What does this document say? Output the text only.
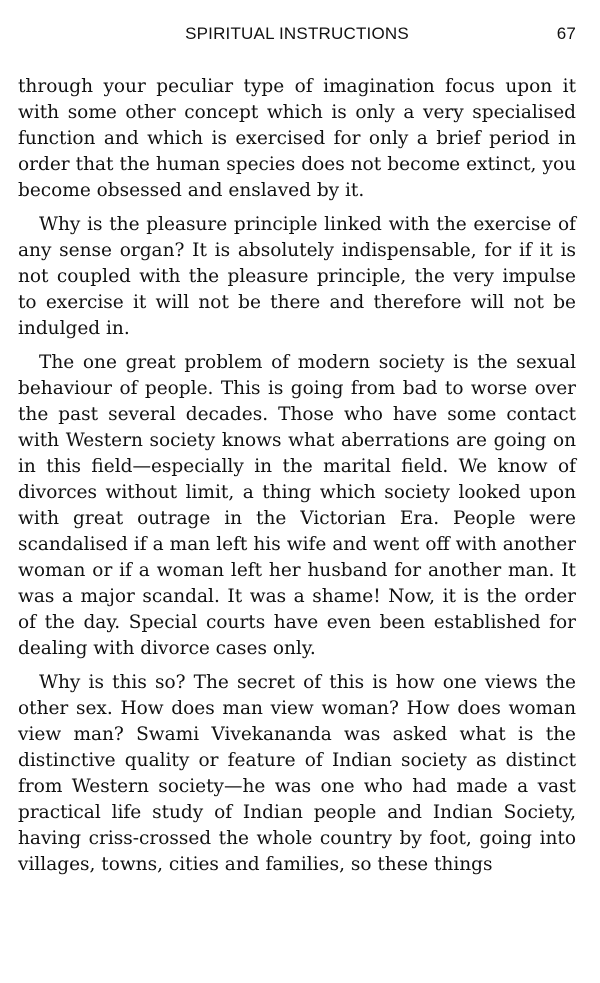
SPIRITUAL INSTRUCTIONS	67

through your peculiar type of imagination focus upon it with some other concept which is only a very specialised function and which is exercised for only a brief period in order that the human species does not become extinct, you become obsessed and enslaved by it.

Why is the pleasure principle linked with the exercise of any sense organ? It is absolutely indispensable, for if it is not coupled with the pleasure principle, the very impulse to exercise it will not be there and therefore will not be indulged in.

The one great problem of modern society is the sexual behaviour of people. This is going from bad to worse over the past several decades. Those who have some contact with Western society knows what aberrations are going on in this field—especially in the marital field. We know of divorces without limit, a thing which society looked upon with great outrage in the Victorian Era. People were scandalised if a man left his wife and went off with another woman or if a woman left her husband for another man. It was a major scandal. It was a shame! Now, it is the order of the day. Special courts have even been established for dealing with divorce cases only.

Why is this so? The secret of this is how one views the other sex. How does man view woman? How does woman view man? Swami Vivekananda was asked what is the distinctive quality or feature of Indian society as distinct from Western society—he was one who had made a vast practical life study of Indian people and Indian Society, having criss-crossed the whole country by foot, going into villages, towns, cities and families, so these things
